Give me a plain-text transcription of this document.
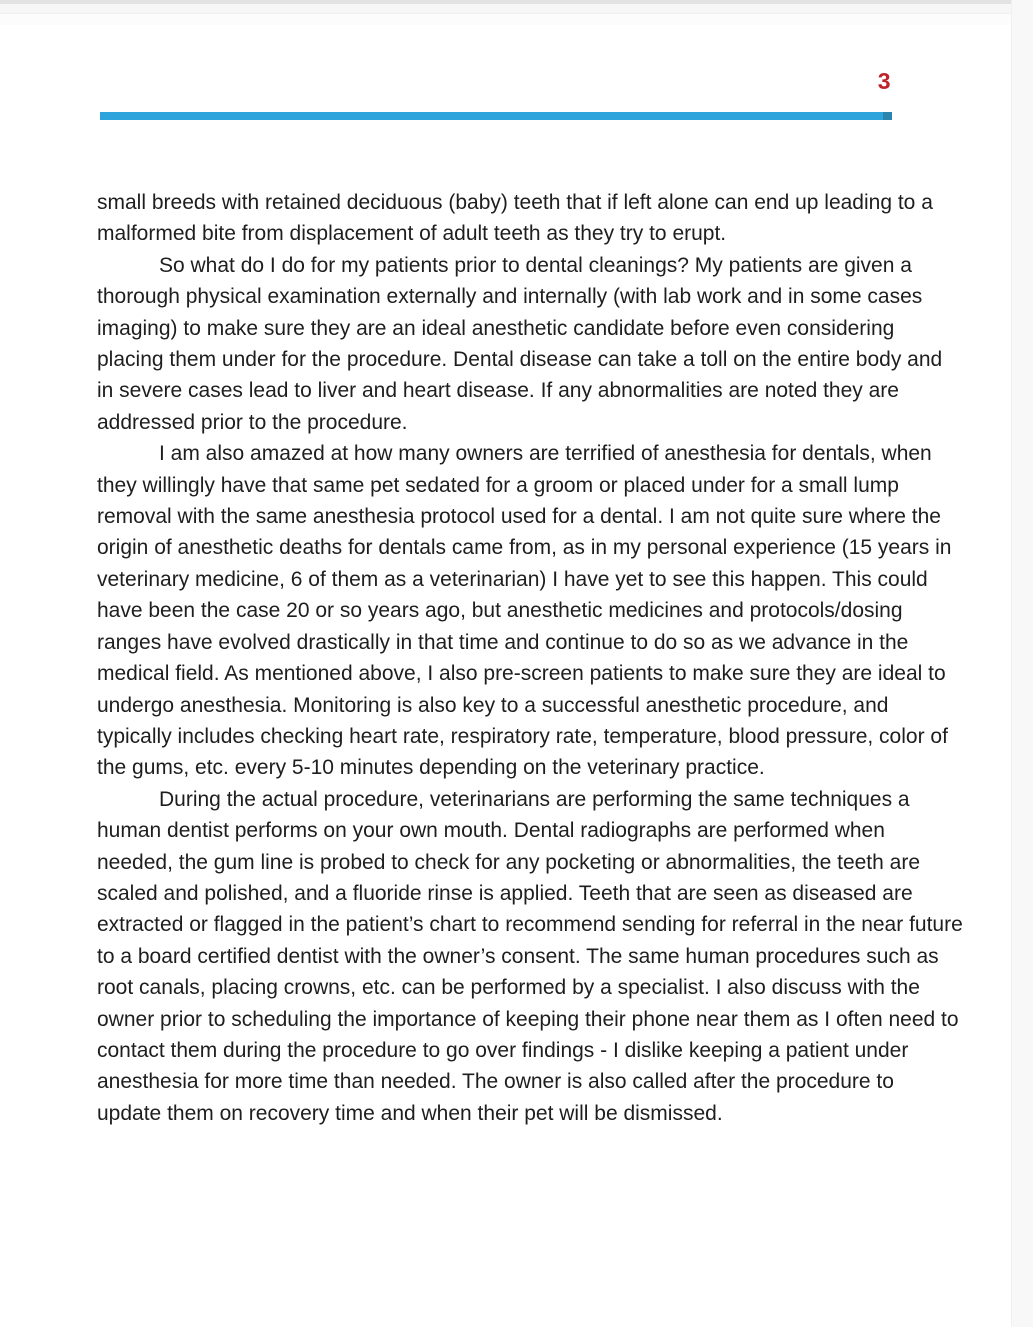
3

small breeds with retained deciduous (baby) teeth that if left alone can end up leading to a malformed bite from displacement of adult teeth as they try to erupt.

So what do I do for my patients prior to dental cleanings? My patients are given a thorough physical examination externally and internally (with lab work and in some cases imaging) to make sure they are an ideal anesthetic candidate before even considering placing them under for the procedure. Dental disease can take a toll on the entire body and in severe cases lead to liver and heart disease. If any abnormalities are noted they are addressed prior to the procedure.

I am also amazed at how many owners are terrified of anesthesia for dentals, when they willingly have that same pet sedated for a groom or placed under for a small lump removal with the same anesthesia protocol used for a dental. I am not quite sure where the origin of anesthetic deaths for dentals came from, as in my personal experience (15 years in veterinary medicine, 6 of them as a veterinarian) I have yet to see this happen. This could have been the case 20 or so years ago, but anesthetic medicines and protocols/dosing ranges have evolved drastically in that time and continue to do so as we advance in the medical field. As mentioned above, I also pre-screen patients to make sure they are ideal to undergo anesthesia. Monitoring is also key to a successful anesthetic procedure, and typically includes checking heart rate, respiratory rate, temperature, blood pressure, color of the gums, etc. every 5-10 minutes depending on the veterinary practice.

During the actual procedure, veterinarians are performing the same techniques a human dentist performs on your own mouth. Dental radiographs are performed when needed, the gum line is probed to check for any pocketing or abnormalities, the teeth are scaled and polished, and a fluoride rinse is applied. Teeth that are seen as diseased are extracted or flagged in the patient’s chart to recommend sending for referral in the near future to a board certified dentist with the owner’s consent. The same human procedures such as root canals, placing crowns, etc. can be performed by a specialist. I also discuss with the owner prior to scheduling the importance of keeping their phone near them as I often need to contact them during the procedure to go over findings - I dislike keeping a patient under anesthesia for more time than needed. The owner is also called after the procedure to update them on recovery time and when their pet will be dismissed.
